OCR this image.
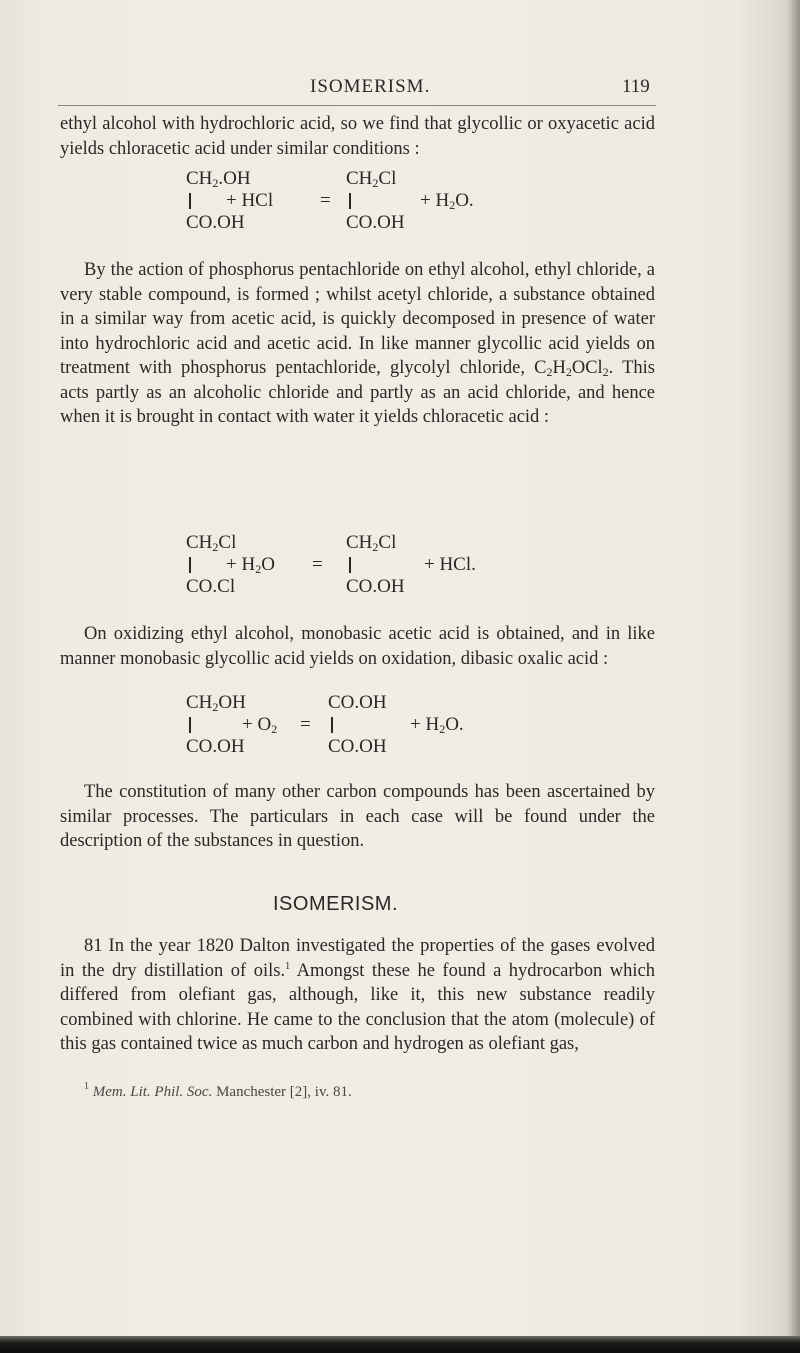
ISOMERISM.	119

ethyl alcohol with hydrochloric acid, so we find that glycollic or oxyacetic acid yields chloracetic acid under similar conditions :

$CH_2.OH$
+ HCl =
CO.OH
$CH_2Cl$
+ $H_2O$.
CO.OH

By the action of phosphorus pentachloride on ethyl alcohol, ethyl chloride, a very stable compound, is formed ; whilst acetyl chloride, a substance obtained in a similar way from acetic acid, is quickly decomposed in presence of water into hydrochloric acid and acetic acid. In like manner glycollic acid yields on treatment with phosphorus pentachloride, glycolyl chloride, $C_2H_2OCl_2$. This acts partly as an alcoholic chloride and partly as an acid chloride, and hence when it is brought in contact with water it yields chloracetic acid :

$CH_2Cl$
+ $H_2O$ =
CO.Cl
$CH_2Cl$
+ HCl.
CO.OH

On oxidizing ethyl alcohol, monobasic acetic acid is obtained, and in like manner monobasic glycollic acid yields on oxidation, dibasic oxalic acid :

$CH_2OH$
+ $O_2$ =
CO.OH
CO.OH
+ $H_2O$.
CO.OH

The constitution of many other carbon compounds has been ascertained by similar processes. The particulars in each case will be found under the description of the substances in question.

ISOMERISM.

81 In the year 1820 Dalton investigated the properties of the gases evolved in the dry distillation of oils.$^1$ Amongst these he found a hydrocarbon which differed from olefiant gas, although, like it, this new substance readily combined with chlorine. He came to the conclusion that the atom (molecule) of this gas contained twice as much carbon and hydrogen as olefiant gas,

$^1$ Mem. Lit. Phil. Soc. Manchester [2], iv. 81.
